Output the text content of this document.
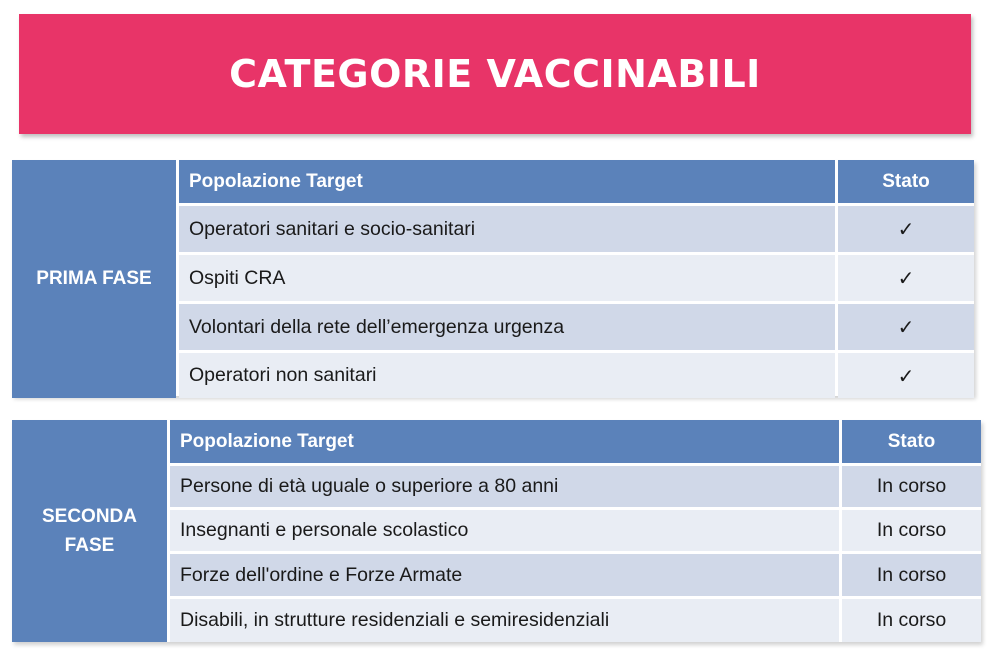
CATEGORIE VACCINABILI
PRIMA FASE
Popolazione Target	Stato
Operatori sanitari e socio-sanitari	✓
Ospiti CRA	✓
Volontari della rete dell’emergenza urgenza	✓
Operatori non sanitari	✓
SECONDA
FASE
Popolazione Target	Stato
Persone di età uguale o superiore a 80 anni	In corso
Insegnanti e personale scolastico	In corso
Forze dell'ordine e Forze Armate	In corso
Disabili, in strutture residenziali e semiresidenziali	In corso
